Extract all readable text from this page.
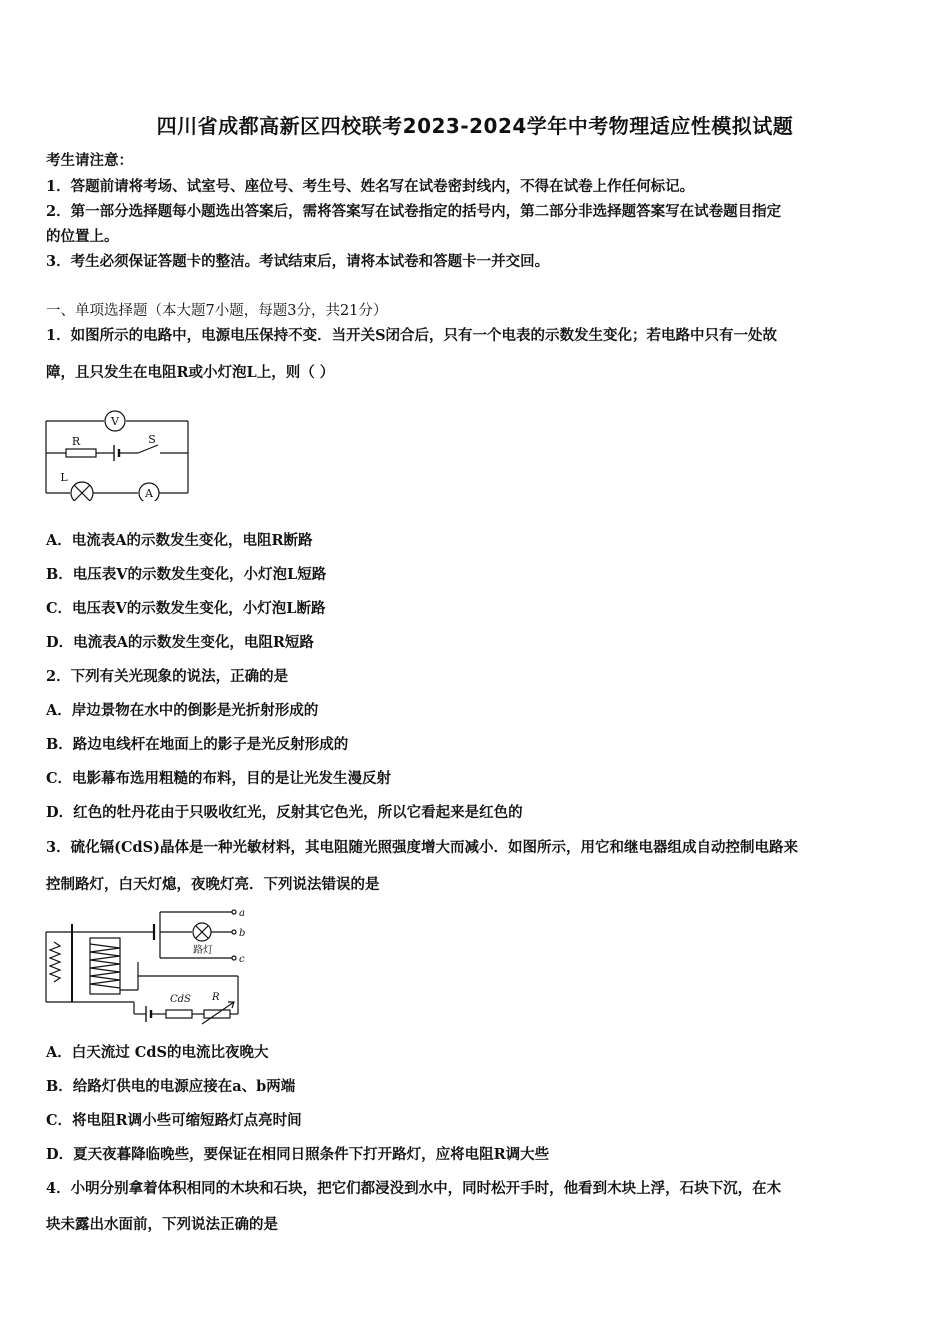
四川省成都高新区四校联考2023-2024学年中考物理适应性模拟试题
考生请注意：
1．答题前请将考场、试室号、座位号、考生号、姓名写在试卷密封线内，不得在试卷上作任何标记。
2．第一部分选择题每小题选出答案后，需将答案写在试卷指定的括号内，第二部分非选择题答案写在试卷题目指定
的位置上。
3．考生必须保证答题卡的整洁。考试结束后，请将本试卷和答题卡一并交回。
一、单项选择题（本大题7小题，每题3分，共21分）
1．如图所示的电路中，电源电压保持不变．当开关S闭合后，只有一个电表的示数发生变化；若电路中只有一处故
障，且只发生在电阻R或小灯泡L上，则（ ）
V
R	S
L
A
A．电流表A的示数发生变化，电阻R断路
B．电压表V的示数发生变化，小灯泡L短路
C．电压表V的示数发生变化，小灯泡L断路
D．电流表A的示数发生变化，电阻R短路
2．下列有关光现象的说法，正确的是
A．岸边景物在水中的倒影是光折射形成的
B．路边电线杆在地面上的影子是光反射形成的
C．电影幕布选用粗糙的布料，目的是让光发生漫反射
D．红色的牡丹花由于只吸收红光，反射其它色光，所以它看起来是红色的
3．硫化镉(CdS)晶体是一种光敏材料，其电阻随光照强度增大而减小．如图所示，用它和继电器组成自动控制电路来
控制路灯，白天灯熄，夜晚灯亮．下列说法错误的是
a
b
c
CdS R
路灯
A．白天流过 CdS的电流比夜晚大
B．给路灯供电的电源应接在a、b两端
C．将电阻R调小些可缩短路灯点亮时间
D．夏天夜暮降临晚些，要保证在相同日照条件下打开路灯，应将电阻R调大些
4．小明分别拿着体积相同的木块和石块，把它们都浸没到水中，同时松开手时，他看到木块上浮，石块下沉，在木
块未露出水面前，下列说法正确的是
